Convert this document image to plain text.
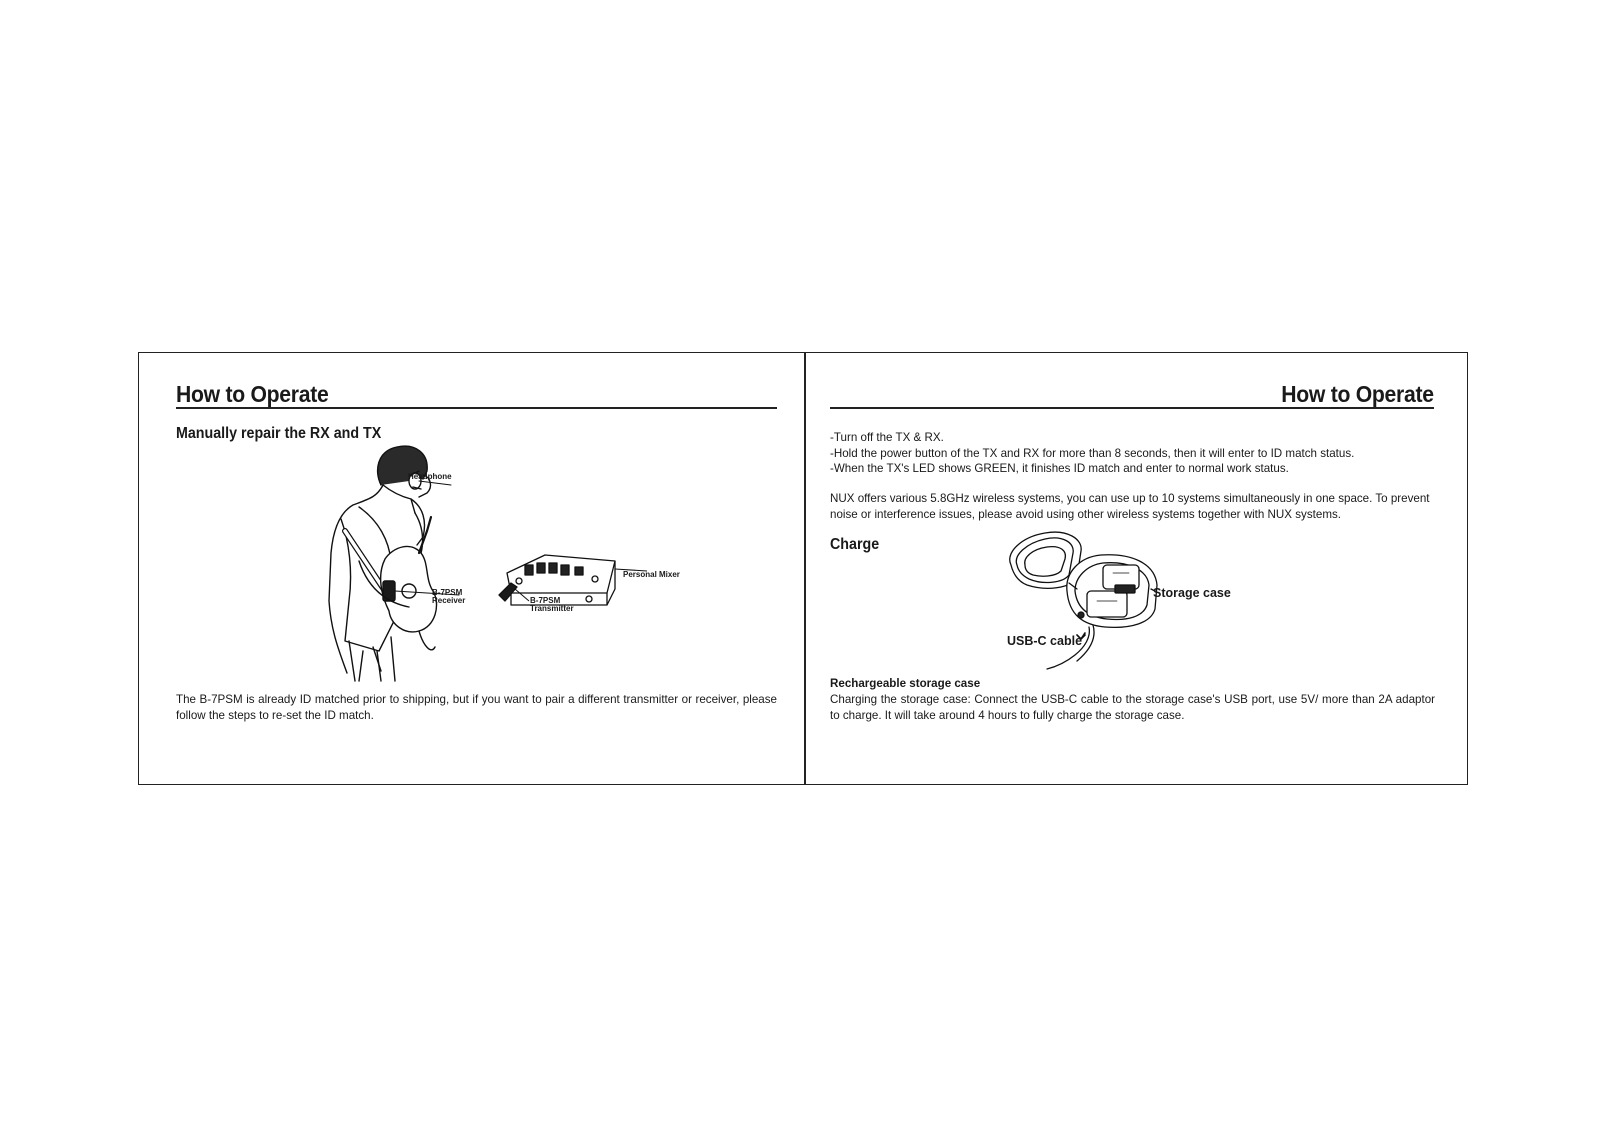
How to Operate
Manually repair the RX and TX
Headphone
B-7PSM
Receiver
Personal Mixer
B-7PSM
Transmitter
The B-7PSM is already ID matched prior to shipping, but if you want to pair a different transmitter or receiver, please follow the steps to re-set the ID match.
How to Operate
-Turn off the TX & RX.
-Hold the power button of the TX and RX for more than 8 seconds, then it will enter to ID match status.
-When the TX's LED shows GREEN, it finishes ID match and enter to normal work status.
NUX offers various 5.8GHz wireless systems, you can use up to 10 systems simultaneously in one space. To prevent noise or interference issues, please avoid using other wireless systems together with NUX systems.
Charge
Storage case
USB-C cable
Rechargeable storage case
Charging the storage case: Connect the USB-C cable to the storage case's USB port, use 5V/ more than 2A adaptor to charge. It will take around 4 hours to fully charge the storage case.
